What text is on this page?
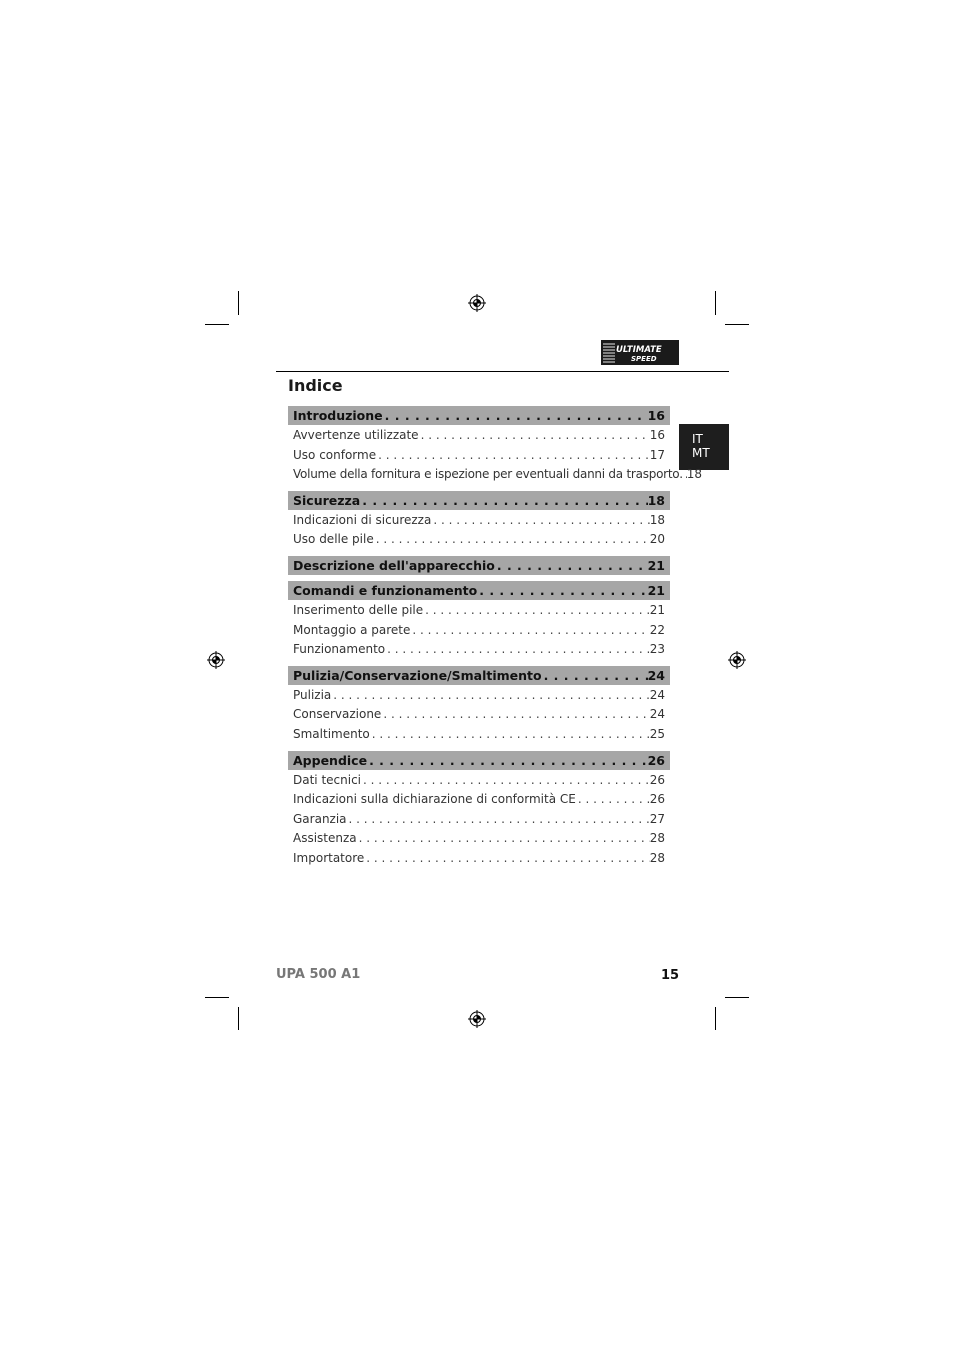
ULTIMATE
SPEED
Indice
IT
MT
Introduzione . . .	16
Avvertenze utilizzate . . .	16
Uso conforme . . .	17
Volume della fornitura e ispezione per eventuali danni da trasporto. . . . 18
Sicurezza . . .	18
Indicazioni di sicurezza . . .	18
Uso delle pile . . .	20
Descrizione dell'apparecchio . . .	21
Comandi e funzionamento . . .	21
Inserimento delle pile . . .	21
Montaggio a parete . . .	22
Funzionamento . . .	23
Pulizia/Conservazione/Smaltimento . . .	24
Pulizia . . .	24
Conservazione . . .	24
Smaltimento . . .	25
Appendice . . .	26
Dati tecnici . . .	26
Indicazioni sulla dichiarazione di conformità CE . . .	26
Garanzia . . .	27
Assistenza . . .	28
Importatore . . .	28
UPA 500 A1	15
